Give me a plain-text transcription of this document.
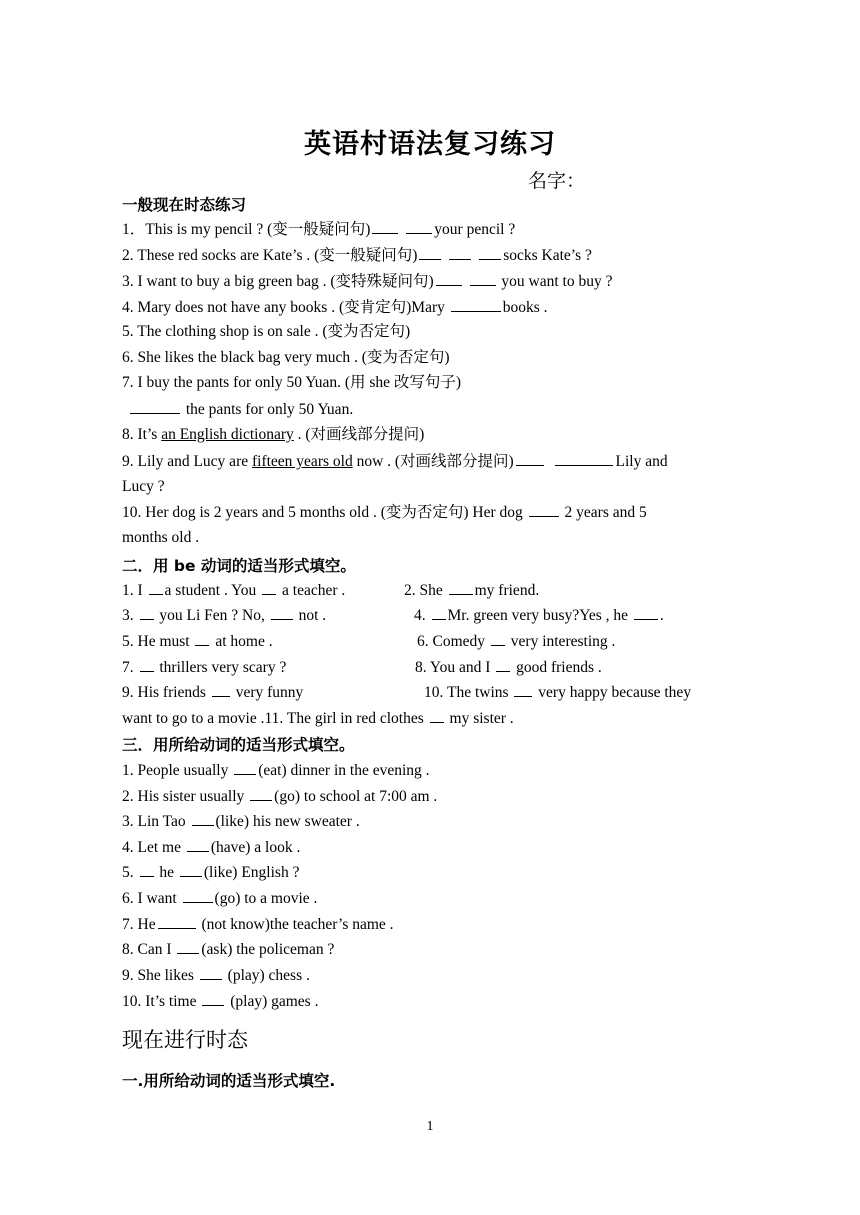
英语村语法复习练习
名字：
一般现在时态练习
1．This is my pencil ? (变一般疑问句)	your pencil ?
2. These red socks are Kate’s . (变一般疑问句)	socks Kate’s ?
3. I want to buy a big green bag . (变特殊疑问句)	you want to buy ?
4. Mary does not have any books . (变肯定句)Mary	books .
5. The clothing shop is on sale . (变为否定句)
6. She likes the black bag very much . (变为否定句)
7. I buy the pants for only 50 Yuan. (用 she 改写句子)
the pants for only 50 Yuan.
8. It’s an English dictionary . (对画线部分提问)
9. Lily and Lucy are fifteen years old now . (对画线部分提问)	Lily and
Lucy ?
10. Her dog is 2 years and 5 months old . (变为否定句) Her dog	2 years and 5
months old .
二．用 be 动词的适当形式填空。
1. I a student . You a teacher .	2. She my friend.
3. you Li Fen ? No, not .	4. Mr. green very busy?Yes , he .
5. He must at home .	6. Comedy very interesting .
7. thrillers very scary ?	8. You and I good friends .
9. His friends very funny	10. The twins very happy because they
want to go to a movie .11. The girl in red clothes my sister .
三．用所给动词的适当形式填空。
1. People usually (eat) dinner in the evening .
2. His sister usually (go) to school at 7:00 am .
3. Lin Tao (like) his new sweater .
4. Let me (have) a look .
5. he (like) English ?
6. I want (go) to a movie .
7. He	(not know)the teacher’s name .
8. Can I (ask) the policeman ?
9. She likes (play) chess .
10. It’s time (play) games .
现在进行时态
一.用所给动词的适当形式填空.
1
